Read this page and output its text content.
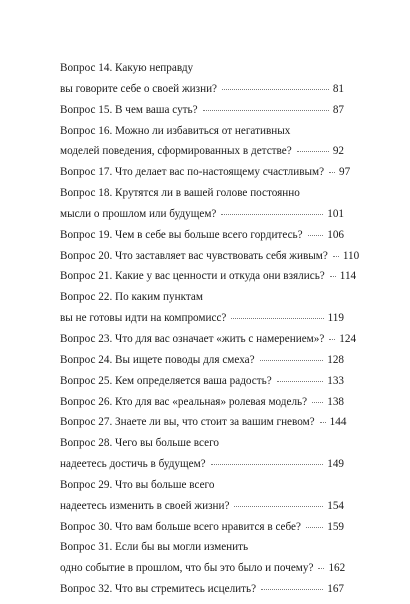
Вопрос 14. Какую неправду
вы говорите себе о своей жизни?	81
Вопрос 15. В чем ваша суть?	87
Вопрос 16. Можно ли избавиться от негативных
моделей поведения, сформированных в детстве?	92
Вопрос 17. Что делает вас по-настоящему счастливым? 97
Вопрос 18. Крутятся ли в вашей голове постоянно
мысли о прошлом или будущем?	101
Вопрос 19. Чем в себе вы больше всего гордитесь? 106
Вопрос 20. Что заставляет вас чувствовать себя живым? 110
Вопрос 21. Какие у вас ценности и откуда они взялись? 114
Вопрос 22. По каким пунктам
вы не готовы идти на компромисс?	119
Вопрос 23. Что для вас означает «жить с намерением»? 124
Вопрос 24. Вы ищете поводы для смеха?	128
Вопрос 25. Кем определяется ваша радость?	133
Вопрос 26. Кто для вас «реальная» ролевая модель? 138
Вопрос 27. Знаете ли вы, что стоит за вашим гневом? 144
Вопрос 28. Чего вы больше всего
надеетесь достичь в будущем?	149
Вопрос 29. Что вы больше всего
надеетесь изменить в своей жизни?	154
Вопрос 30. Что вам больше всего нравится в себе? 159
Вопрос 31. Если бы вы могли изменить
одно событие в прошлом, что бы это было и почему? 162
Вопрос 32. Что вы стремитесь исцелить?	167
